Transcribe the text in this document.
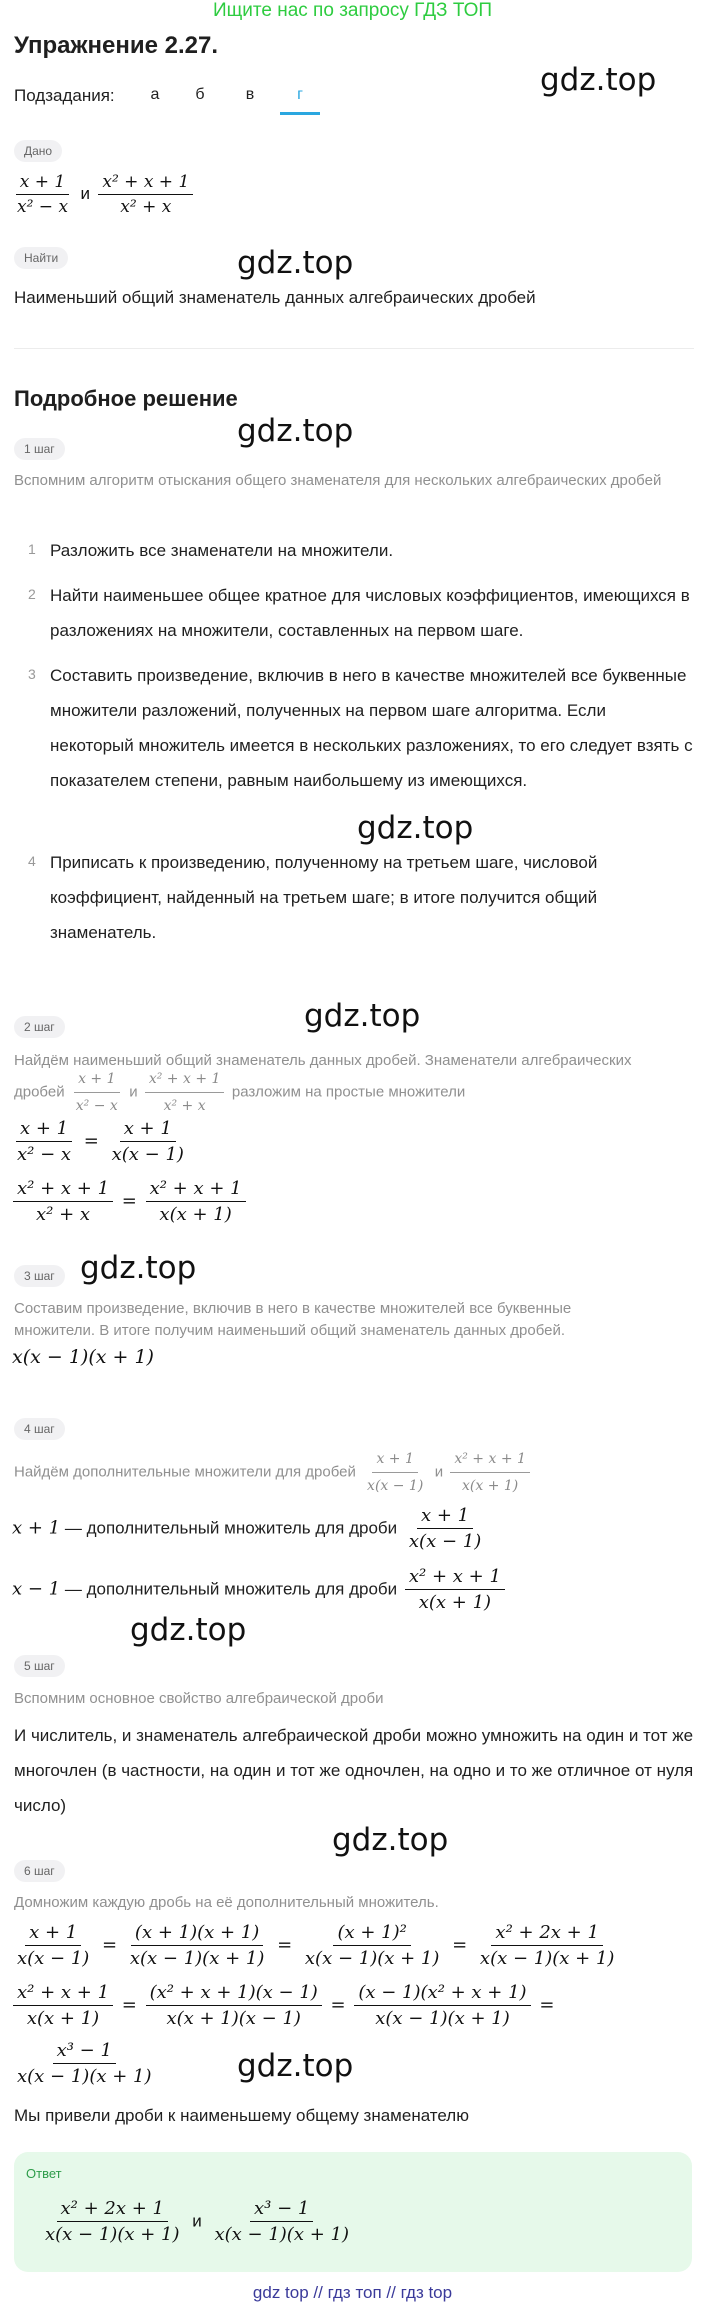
Ищите нас по запросу ГДЗ ТОП
Упражнение 2.27.
Подзадания:	а	б	в	г	gdz.top
gdz.top
gdz.top
gdz.top
gdz.top
gdz.top
gdz.top
gdz.top
gdz.top
Дано
$\frac{x + 1}{\text{x² − x}}$ и $\frac{\text{x² + x + 1}}{\text{x² + x}}$
Найти
Наименьший общий знаменатель данных алгебраических дробей
Подробное решение
1 шаг
Вспомним алгоритм отыскания общего знаменателя для нескольких алгебраических дробей
1 Разложить все знаменатели на множители.
2 Найти наименьшее общее кратное для числовых коэффициентов, имеющихся в разложениях на множители, составленных на первом шаге.
3 Составить произведение, включив в него в качестве множителей все буквенные множители разложений, полученных на первом шаге алгоритма. Если некоторый множитель имеется в нескольких разложениях, то его следует взять с показателем степени, равным наибольшему из имеющихся.
4 Приписать к произведению, полученному на третьем шаге, числовой коэффициент, найденный на третьем шаге; в итоге получится общий знаменатель.
2 шаг
Найдём наименьший общий знаменатель данных дробей. Знаменатели алгебраических
дробей $\frac{x + 1}{\text{x² − x}}$ и $\frac{\text{x² + x + 1}}{\text{x² + x}}$ разложим на простые множители
$\frac{x + 1}{\text{x² − x}} = \frac{x + 1}{x(x - 1)}$
$\frac{\text{x² + x + 1}}{\text{x² + x}} = \frac{\text{x² + x + 1}}{x(x + 1)}$
3 шаг
Составим произведение, включив в него в качестве множителей все буквенные множители. В итоге получим наименьший общий знаменатель данных дробей.
x(x − 1)(x + 1)
4 шаг
Найдём дополнительные множители для дробей $\frac{x + 1}{x(x - 1)}$ и $\frac{\text{x² + x + 1}}{x(x + 1)}$
x + 1 — дополнительный множитель для дроби $\frac{x + 1}{x(x - 1)}$
x − 1 — дополнительный множитель для дроби $\frac{\text{x² + x + 1}}{x(x + 1)}$
5 шаг
Вспомним основное свойство алгебраической дроби
И числитель, и знаменатель алгебраической дроби можно умножить на один и тот же многочлен (в частности, на один и тот же одночлен, на одно и то же отличное от нуля число)
6 шаг
Домножим каждую дробь на её дополнительный множитель.
$\frac{x + 1}{x(x - 1)} = \frac{(x + 1)(x + 1)}{x(x - 1)(x + 1)} = \frac{\text{(x + 1)²}}{x(x - 1)(x + 1)} = \frac{\text{x² + 2x + 1}}{x(x - 1)(x + 1)}$
$\frac{\text{x² + x + 1}}{x(x + 1)} = \frac{\text{(x² + x + 1)(x − 1)}}{x(x + 1)(x - 1)} = \frac{\text{(x − 1)(x² + x + 1)}}{x(x - 1)(x + 1)}$ =
$\frac{\text{x³ − 1}}{x(x - 1)(x + 1)}$
Мы привели дроби к наименьшему общему знаменателю
Ответ
$\frac{\text{x² + 2x + 1}}{x(x - 1)(x + 1)}$ и $\frac{\text{x³ − 1}}{x(x - 1)(x + 1)}$
gdz top // гдз топ // гдз top
